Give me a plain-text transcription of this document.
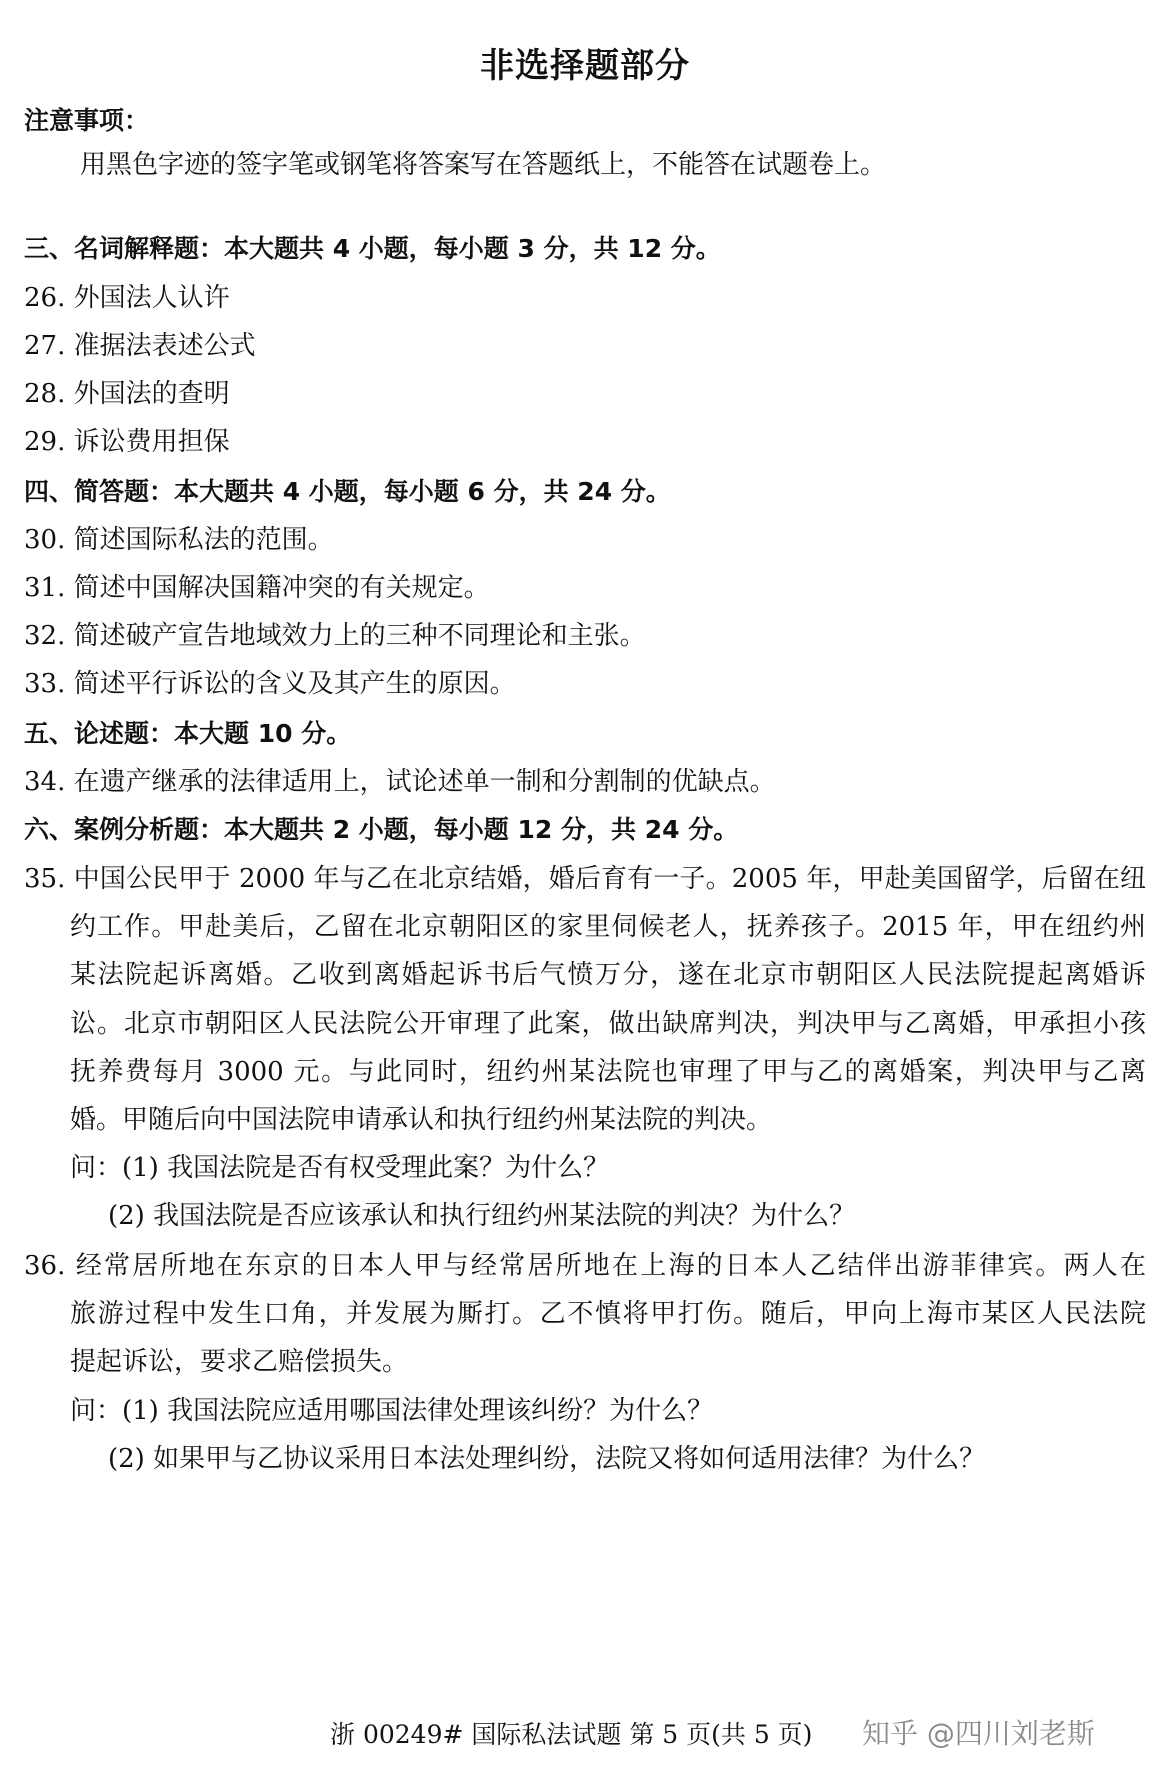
非选择题部分
注意事项：
用黑色字迹的签字笔或钢笔将答案写在答题纸上，不能答在试题卷上。
三、名词解释题：本大题共 4 小题，每小题 3 分，共 12 分。
26. 外国法人认许
27. 准据法表述公式
28. 外国法的查明
29. 诉讼费用担保
四、简答题：本大题共 4 小题，每小题 6 分，共 24 分。
30. 简述国际私法的范围。
31. 简述中国解决国籍冲突的有关规定。
32. 简述破产宣告地域效力上的三种不同理论和主张。
33. 简述平行诉讼的含义及其产生的原因。
五、论述题：本大题 10 分。
34. 在遗产继承的法律适用上，试论述单一制和分割制的优缺点。
六、案例分析题：本大题共 2 小题，每小题 12 分，共 24 分。
35. 中国公民甲于 2000 年与乙在北京结婚，婚后育有一子。2005 年，甲赴美国留学，后留在纽
约工作。甲赴美后，乙留在北京朝阳区的家里伺候老人，抚养孩子。2015 年，甲在纽约州
某法院起诉离婚。乙收到离婚起诉书后气愤万分，遂在北京市朝阳区人民法院提起离婚诉
讼。北京市朝阳区人民法院公开审理了此案，做出缺席判决，判决甲与乙离婚，甲承担小孩
抚养费每月 3000 元。与此同时，纽约州某法院也审理了甲与乙的离婚案，判决甲与乙离
婚。甲随后向中国法院申请承认和执行纽约州某法院的判决。
问：(1) 我国法院是否有权受理此案？为什么？
(2) 我国法院是否应该承认和执行纽约州某法院的判决？为什么？
36. 经常居所地在东京的日本人甲与经常居所地在上海的日本人乙结伴出游菲律宾。两人在
旅游过程中发生口角，并发展为厮打。乙不慎将甲打伤。随后，甲向上海市某区人民法院
提起诉讼，要求乙赔偿损失。
问：(1) 我国法院应适用哪国法律处理该纠纷？为什么？
(2) 如果甲与乙协议采用日本法处理纠纷，法院又将如何适用法律？为什么？
浙 00249# 国际私法试题 第 5 页(共 5 页) 知乎 @四川刘老斯
